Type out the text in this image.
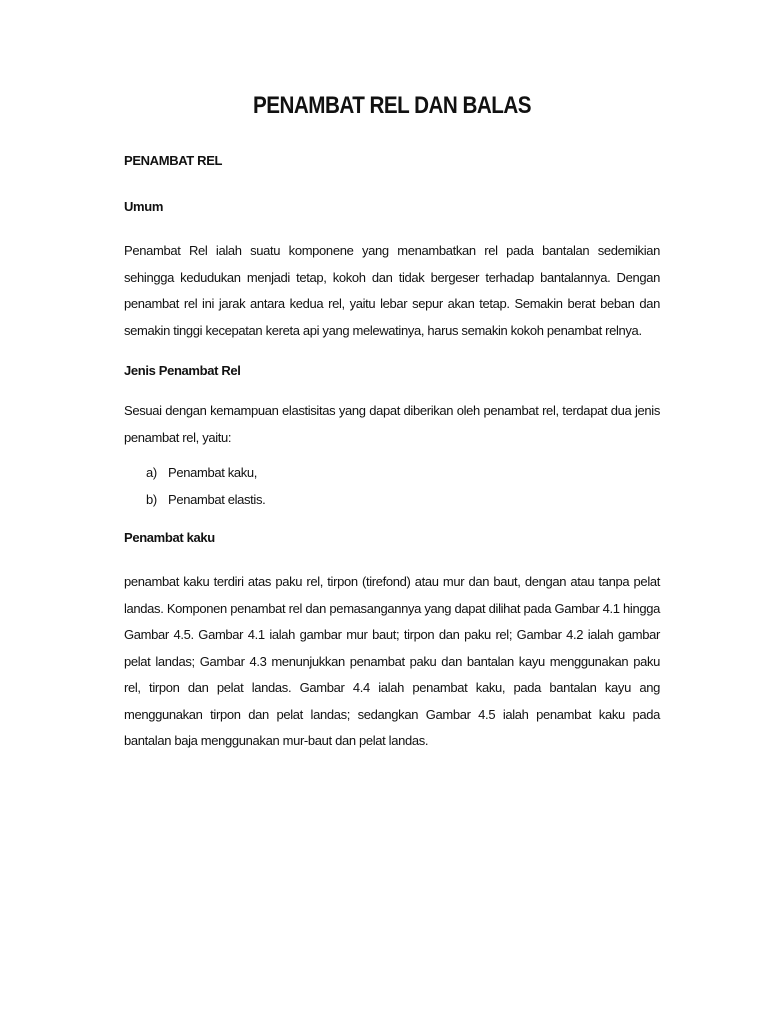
PENAMBAT REL DAN BALAS

PENAMBAT REL

Umum

Penambat Rel ialah suatu komponene yang menambatkan rel pada bantalan sedemikian sehingga kedudukan menjadi tetap, kokoh dan tidak bergeser terhadap bantalannya. Dengan penambat rel ini jarak antara kedua rel, yaitu lebar sepur akan tetap. Semakin berat beban dan semakin tinggi kecepatan kereta api yang melewatinya, harus semakin kokoh penambat relnya.

Jenis Penambat Rel

Sesuai dengan kemampuan elastisitas yang dapat diberikan oleh penambat rel, terdapat dua jenis penambat rel, yaitu:

a) Penambat kaku,
b) Penambat elastis.

Penambat kaku

penambat kaku terdiri atas paku rel, tirpon (tirefond) atau mur dan baut, dengan atau tanpa pelat landas. Komponen penambat rel dan pemasangannya yang dapat dilihat pada Gambar 4.1 hingga Gambar 4.5. Gambar 4.1 ialah gambar mur baut; tirpon dan paku rel; Gambar 4.2 ialah gambar pelat landas; Gambar 4.3 menunjukkan penambat paku dan bantalan kayu menggunakan paku rel, tirpon dan pelat landas. Gambar 4.4 ialah penambat kaku, pada bantalan kayu ang menggunakan tirpon dan pelat landas; sedangkan Gambar 4.5 ialah penambat kaku pada bantalan baja menggunakan mur-baut dan pelat landas.
